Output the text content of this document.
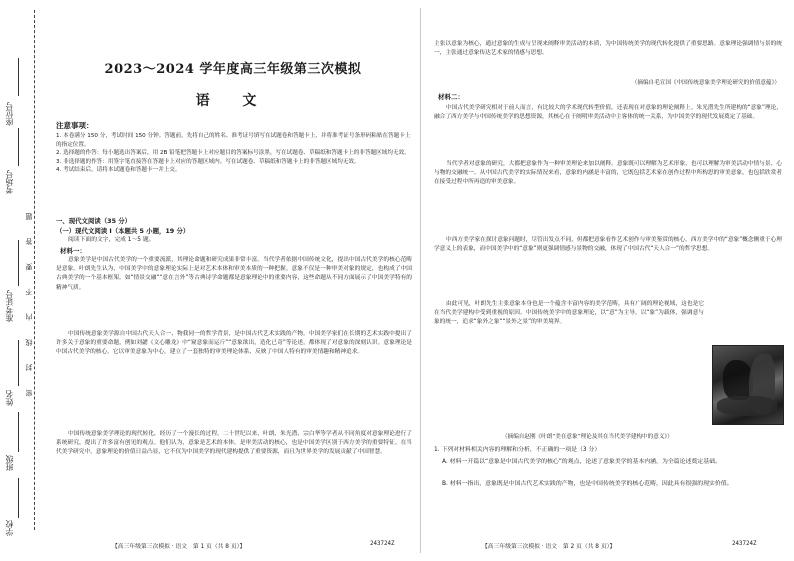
密 封 线 内 不 要 答 题
座位号
考场号
准考证号
姓名
班级
学校
2023～2024 学年度高三年级第三次模拟
语 文
注意事项：

1. 本卷满分 150 分，考试时间 150 分钟。答题前，先将自己的姓名、准考证号填写在试题卷和答题卡上，并将准考证号条形码粘贴在答题卡上的指定位置。

2. 选择题的作答：每小题选出答案后，用 2B 铅笔把答题卡上对应题目的答案标号涂黑。写在试题卷、草稿纸和答题卡上的非答题区域均无效。

3. 非选择题的作答：用签字笔直接答在答题卡上对应的答题区域内。写在试题卷、草稿纸和答题卡上的非答题区域均无效。

4. 考试结束后，请将本试题卷和答题卡一并上交。

一、现代文阅读（35 分）
（一）现代文阅读 Ⅰ（本题共 5 小题，19 分）
阅读下面的文字，完成 1～5 题。
材料一：
意象美学是中国古代美学的一个重要流派，其理论命题和研究成果非常丰富。当代学者依据中国传统文化，提出中国古代美学的核心范畴是意象。叶朗先生认为，中国美学中的意象理论实际上是对艺术本体和审美本质的一种把握。意象不仅是一种审美对象的规定，也构成了中国古典美学的一个基本框架。如“情景交融”“意在言外”等古典诗学命题都是意象理论中的重要内容，这些命题从不同方面展示了中国美学特有的精神气质。
中国传统意象美学源自中国古代天人合一、物我同一的哲学背景，是中国古代艺术实践的产物。中国美学家们在长期的艺术实践中提出了许多关于意象的重要命题，例如刘勰《文心雕龙》中“窥意象而运斤”“意象欲出，造化已奇”等论述，都体现了对意象的深刻认识。意象理论是中国古代美学的核心，它以审美意象为中心，建立了一套独特的审美理论体系，反映了中国人特有的审美情趣和精神追求。
中国传统意象美学理论的现代转化，经历了一个漫长的过程。二十世纪以来，叶朗、朱光潜、宗白华等学者从不同角度对意象理论进行了系统研究，提出了许多富有创见的观点。他们认为，意象是艺术的本体，是审美活动的核心，也是中国美学区别于西方美学的重要特征。在当代美学研究中，意象理论的价值日益凸显，它不仅为中国美学的现代建构提供了重要资源，而且为世界美学的发展贡献了中国智慧。
【高三年级第三次模拟 · 语文　第 1 页（共 8 页）】	243724Z
主张以意象为核心，通过意象的生成与呈现来阐释审美活动的本质，为中国传统美学的现代转化提供了重要思路。意象理论强调情与景的统一，主张通过意象传达艺术家的情感与思想。
（摘编自毛宣国《中国传统意象美学理论研究的价值意蕴》）
材料二：
中国古代美学研究相对于前人而言，有比较大的学术现代转型价值，还表现在对意象的理论阐释上。朱光潜先生所建构的“意象”理论，融合了西方美学与中国传统美学的思想资源，其核心在于阐明审美活动中主客体的统一关系，为中国美学的现代发展奠定了基础。
当代学者对意象的研究，大都把意象作为一种审美理论来加以阐释。意象既可以理解为艺术形象，也可以理解为审美活动中情与景、心与物的交融统一。从中国古代美学的实际情况来看，意象的内涵是丰富的，它既包括艺术家在创作过程中所构思的审美意象，也包括欣赏者在接受过程中所再造的审美意象。
中西方美学家在探讨意象问题时，尽管出发点不同，但都把意象看作艺术创作与审美鉴赏的核心。西方美学中的“意象”概念侧重于心理学意义上的表象，而中国美学中的“意象”则更强调情感与景物的交融，体现了中国古代“天人合一”的哲学思想。
由此可见，叶朗先生主张意象本身也是一个蕴含丰富内容的美学范畴，具有广阔的理论视域，这也是它在当代美学建构中受到重视的原因。中国传统美学中的意象理论，以“意”为主导，以“象”为载体，强调意与象的统一，追求“象外之象”“景外之景”的审美境界。
（摘编自赵刚《叶朗“美在意象”理论及其在当代美学建构中的意义》）
1. 下列对材料相关内容的理解和分析，不正确的一项是（3 分）
A. 材料一开篇以“意象是中国古代美学的核心”的观点，论述了意象美学的基本内涵，为全篇论述奠定基础。
B. 材料一指出，意象既是中国古代艺术实践的产物，也是中国传统美学的核心范畴，因此具有很强的现实价值。
【高三年级第三次模拟 · 语文　第 2 页（共 8 页）】	243724Z
